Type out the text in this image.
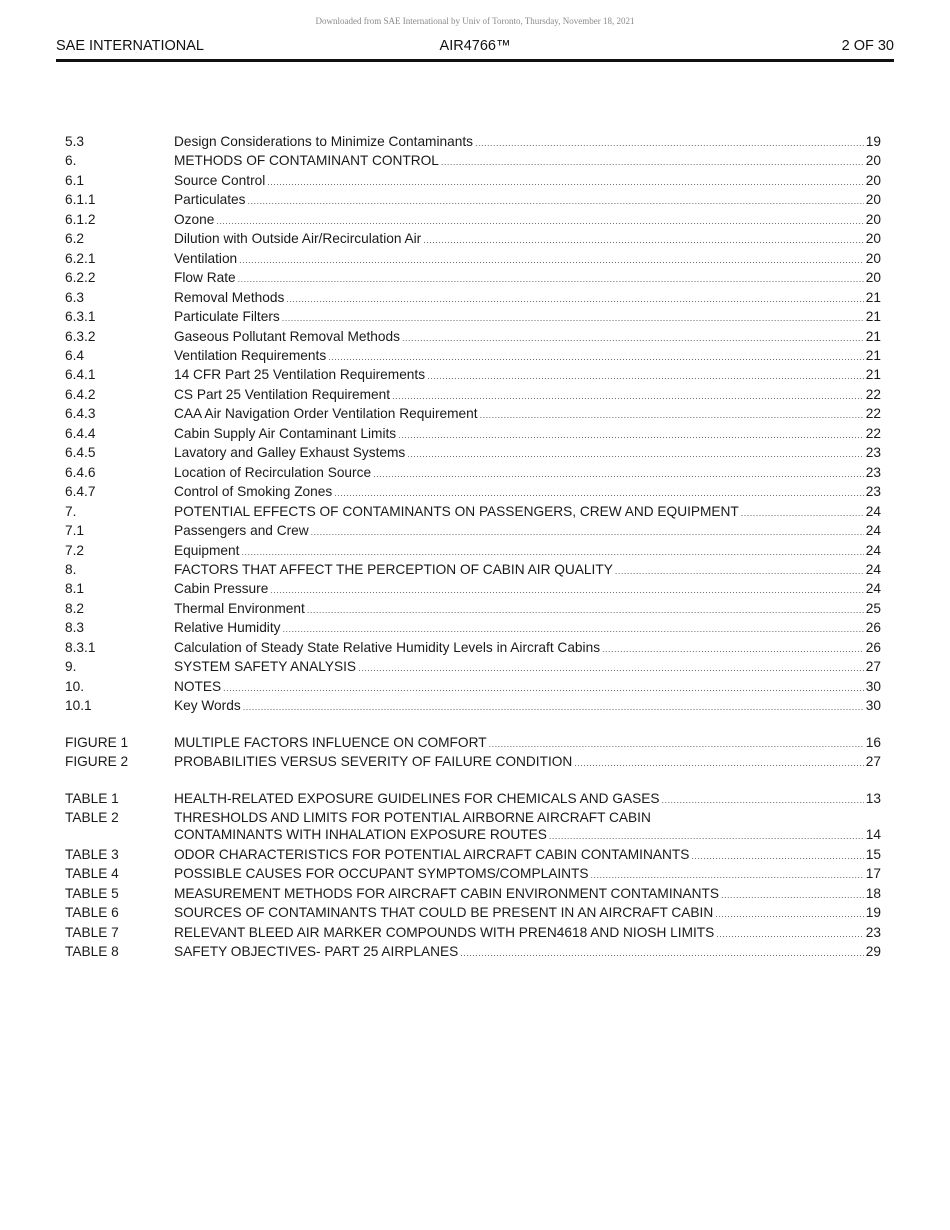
Downloaded from SAE International by Univ of Toronto, Thursday, November 18, 2021
SAE INTERNATIONAL	AIR4766™	2 OF 30
5.3	Design Considerations to Minimize Contaminants .....	19
6.	METHODS OF CONTAMINANT CONTROL .....	20
6.1	Source Control .....	20
6.1.1	Particulates .....	20
6.1.2	Ozone .....	20
6.2	Dilution with Outside Air/Recirculation Air .....	20
6.2.1	Ventilation .....	20
6.2.2	Flow Rate .....	20
6.3	Removal Methods .....	21
6.3.1	Particulate Filters .....	21
6.3.2	Gaseous Pollutant Removal Methods .....	21
6.4	Ventilation Requirements .....	21
6.4.1	14 CFR Part 25 Ventilation Requirements .....	21
6.4.2	CS Part 25 Ventilation Requirement .....	22
6.4.3	CAA Air Navigation Order Ventilation Requirement .....	22
6.4.4	Cabin Supply Air Contaminant Limits .....	22
6.4.5	Lavatory and Galley Exhaust Systems .....	23
6.4.6	Location of Recirculation Source .....	23
6.4.7	Control of Smoking Zones .....	23
7.	POTENTIAL EFFECTS OF CONTAMINANTS ON PASSENGERS, CREW AND EQUIPMENT .....	24
7.1	Passengers and Crew .....	24
7.2	Equipment .....	24
8.	FACTORS THAT AFFECT THE PERCEPTION OF CABIN AIR QUALITY .....	24
8.1	Cabin Pressure .....	24
8.2	Thermal Environment .....	25
8.3	Relative Humidity .....	26
8.3.1	Calculation of Steady State Relative Humidity Levels in Aircraft Cabins .....	26
9.	SYSTEM SAFETY ANALYSIS .....	27
10.	NOTES .....	30
10.1	Key Words .....	30
FIGURE 1	MULTIPLE FACTORS INFLUENCE ON COMFORT .....	16
FIGURE 2	PROBABILITIES VERSUS SEVERITY OF FAILURE CONDITION .....	27
TABLE 1	HEALTH-RELATED EXPOSURE GUIDELINES FOR CHEMICALS AND GASES .....	13
TABLE 2	THRESHOLDS AND LIMITS FOR POTENTIAL AIRBORNE AIRCRAFT CABIN
CONTAMINANTS WITH INHALATION EXPOSURE ROUTES .....	14
TABLE 3	ODOR CHARACTERISTICS FOR POTENTIAL AIRCRAFT CABIN CONTAMINANTS .....	15
TABLE 4	POSSIBLE CAUSES FOR OCCUPANT SYMPTOMS/COMPLAINTS .....	17
TABLE 5	MEASUREMENT METHODS FOR AIRCRAFT CABIN ENVIRONMENT CONTAMINANTS .....	18
TABLE 6	SOURCES OF CONTAMINANTS THAT COULD BE PRESENT IN AN AIRCRAFT CABIN .....	19
TABLE 7	RELEVANT BLEED AIR MARKER COMPOUNDS WITH PREN4618 AND NIOSH LIMITS .....	23
TABLE 8	SAFETY OBJECTIVES- PART 25 AIRPLANES .....	29
